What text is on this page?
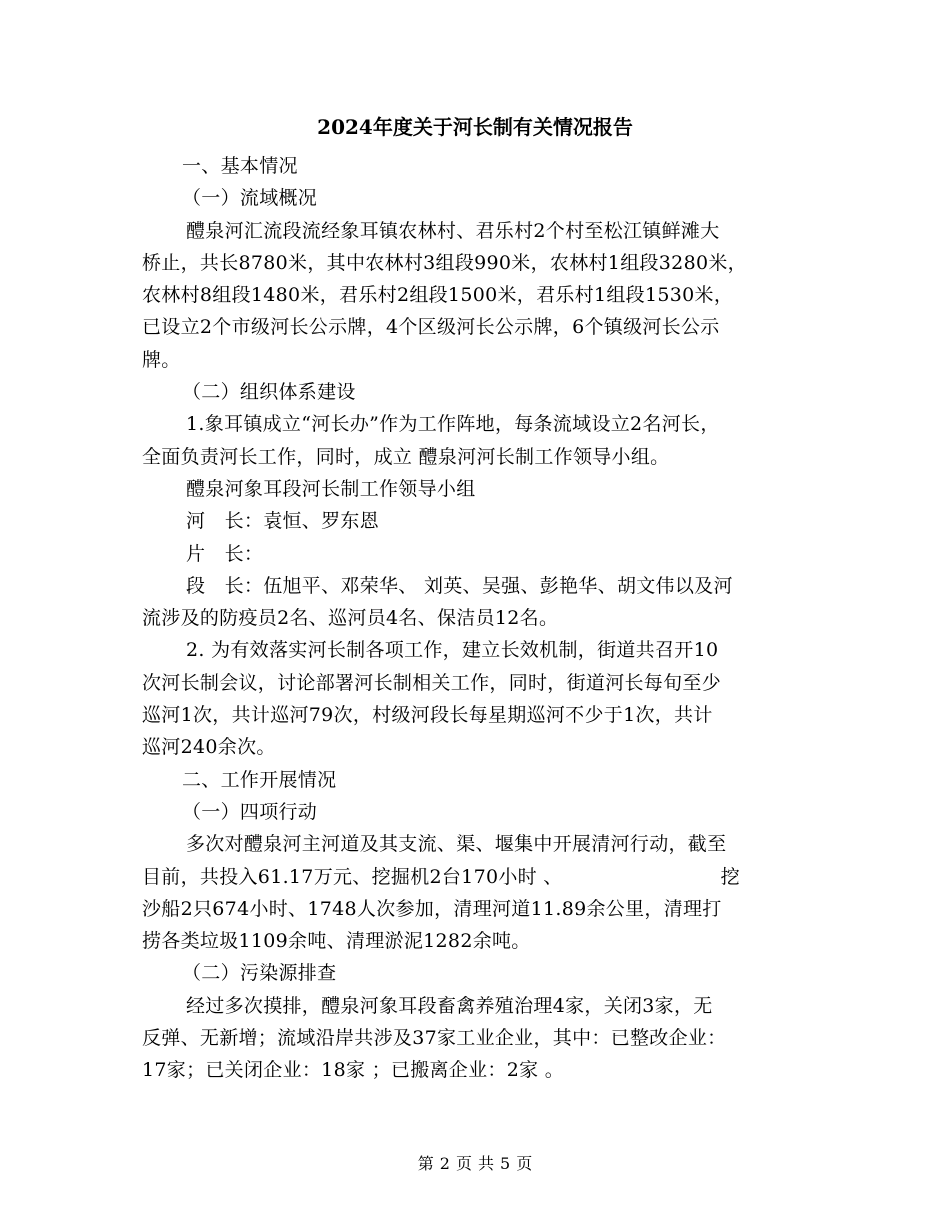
2024年度关于河长制有关情况报告
一、基本情况
（一）流域概况
醴泉河汇流段流经象耳镇农林村、君乐村2个村至松江镇鲜滩大
桥止，共长8780米，其中农林村3组段990米，农林村1组段3280米，
农林村8组段1480米，君乐村2组段1500米，君乐村1组段1530米，
已设立2个市级河长公示牌，4个区级河长公示牌，6个镇级河长公示
牌。
（二）组织体系建设
1.象耳镇成立“河长办”作为工作阵地，每条流域设立2名河长，
全面负责河长工作，同时，成立 醴泉河河长制工作领导小组。
醴泉河象耳段河长制工作领导小组
河　长：袁恒、罗东恩
片　长：
段　长：伍旭平、邓荣华、 刘英、吴强、彭艳华、胡文伟以及河
流涉及的防疫员2名、巡河员4名、保洁员12名。
2. 为有效落实河长制各项工作，建立长效机制，街道共召开10
次河长制会议，讨论部署河长制相关工作，同时，街道河长每旬至少
巡河1次，共计巡河79次，村级河段长每星期巡河不少于1次，共计
巡河240余次。
二、工作开展情况
（一）四项行动
多次对醴泉河主河道及其支流、渠、堰集中开展清河行动，截至
目前，共投入61.17万元、挖掘机2台170小时 、	挖
沙船2只674小时、1748人次参加，清理河道11.89余公里，清理打
捞各类垃圾1109余吨、清理淤泥1282余吨。
（二）污染源排查
经过多次摸排，醴泉河象耳段畜禽养殖治理4家，关闭3家，无
反弹、无新增；流域沿岸共涉及37家工业企业，其中：已整改企业：
17家；已关闭企业：18家 ；已搬离企业：2家 。
第 2 页 共 5 页
